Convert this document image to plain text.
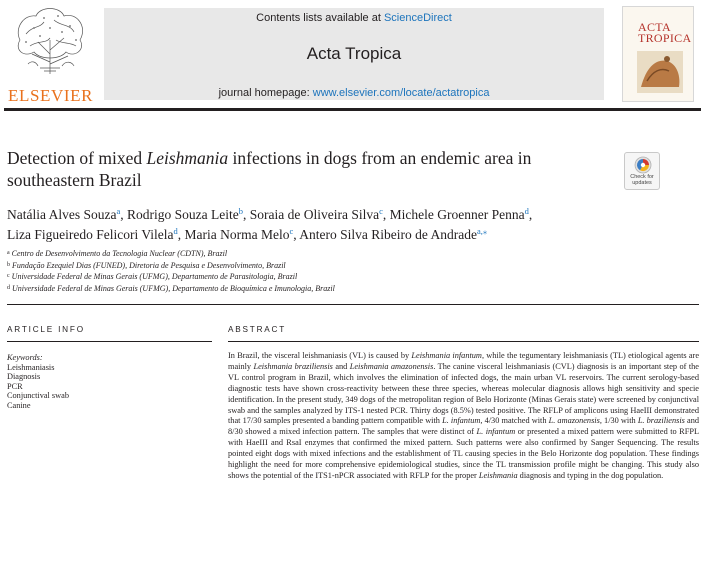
ELSEVIER
Contents lists available at ScienceDirect
Acta Tropica
journal homepage: www.elsevier.com/locate/actatropica
ACTA
TROPICA
Detection of mixed Leishmania infections in dogs from an endemic area in southeastern Brazil	Check for
updates
Natália Alves Souza$^a$, Rodrigo Souza Leite$^b$, Soraia de Oliveira Silva$^c$, Michele Groenner Penna$^d$,
Liza Figueiredo Felicori Vilela$^d$, Maria Norma Melo$^c$, Antero Silva Ribeiro de Andrade$^{a,⁎}$
$^a$ Centro de Desenvolvimento da Tecnologia Nuclear (CDTN), Brazil
$^b$ Fundação Ezequiel Dias (FUNED), Diretoria de Pesquisa e Desenvolvimento, Brazil
$^c$ Universidade Federal de Minas Gerais (UFMG), Departamento de Parasitologia, Brazil
$^d$ Universidade Federal de Minas Gerais (UFMG), Departamento de Bioquímica e Imunologia, Brazil
ARTICLE INFO	ABSTRACT
Keywords:
Leishmaniasis
Diagnosis
PCR
Conjunctival swab
Canine
In Brazil, the visceral leishmaniasis (VL) is caused by Leishmania infantum, while the tegumentary leishmaniasis (TL) etiological agents are mainly Leishmania braziliensis and Leishmania amazonensis. The canine visceral leishmaniasis (CVL) diagnosis is an important step of the VL control program in Brazil, which involves the elimination of infected dogs, the main urban VL reservoirs. The current serology-based diagnostic tests have shown cross-reactivity between these three species, whereas molecular diagnosis allows high sensitivity and specie identification. In the present study, 349 dogs of the metropolitan region of Belo Horizonte (Minas Gerais state) were screened by conjunctival swab and the samples analyzed by ITS-1 nested PCR. Thirty dogs (8.5%) tested positive. The RFLP of amplicons using HaeIII demonstrated that 17/30 samples presented a banding pattern compatible with L. infantum, 4/30 matched with L. amazonensis, 1/30 with L. braziliensis and 8/30 showed a mixed infection pattern. The samples that were distinct of L. infantum or presented a mixed pattern were submitted to RFPL with HaeIII and RsaI enzymes that confirmed the mixed pattern. Such patterns were also confirmed by Sanger Sequencing. The results pointed eight dogs with mixed infections and the establishment of TL causing species in the Belo Horizonte dog population. These findings highlight the need for more comprehensive epidemiological studies, since the TL transmission profile might be changing. This study also shows the potential of the ITS1-nPCR associated with RFLP for the proper Leishmania diagnosis and typing in the dog population.
